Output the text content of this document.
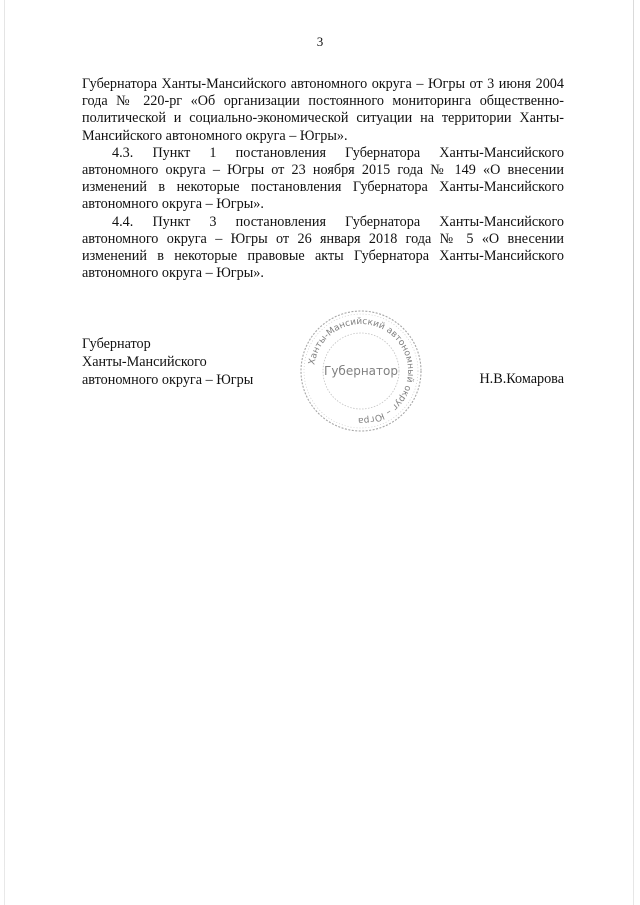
3

Губернатора Ханты-Мансийского автономного округа – Югры от 3 июня 2004 года № 220-рг «Об организации постоянного мониторинга общественно-политической и социально-экономической ситуации на территории Ханты-Мансийского автономного округа – Югры».

4.3. Пункт 1 постановления Губернатора Ханты-Мансийского автономного округа – Югры от 23 ноября 2015 года № 149 «О внесении изменений в некоторые постановления Губернатора Ханты-Мансийского автономного округа – Югры».

4.4. Пункт 3 постановления Губернатора Ханты-Мансийского автономного округа – Югры от 26 января 2018 года № 5 «О внесении изменений в некоторые правовые акты Губернатора Ханты-Мансийского автономного округа – Югры».

Губернатор
Ханты-Мансийского
автономного округа – Югры
Ханты-Мансийский автономный округ – Югра
Губернатор	Н.В.Комарова
